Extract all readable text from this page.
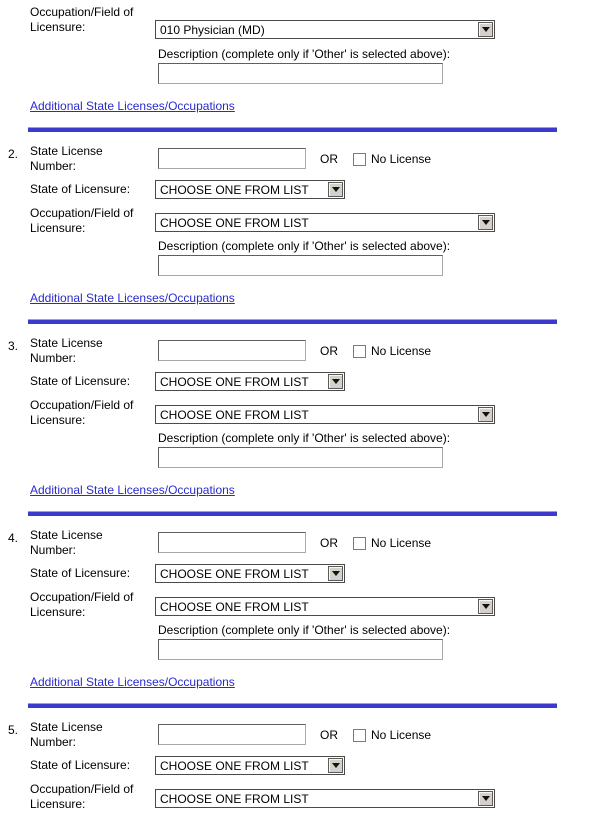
Occupation/Field of
Licensure:	010 Physician (MD)
Description (complete only if 'Other' is selected above):
Additional State Licenses/Occupations
2. State License
Number:	OR	No License
State of Licensure:	CHOOSE ONE FROM LIST
Occupation/Field of
Licensure:	CHOOSE ONE FROM LIST
Description (complete only if 'Other' is selected above):
Additional State Licenses/Occupations
3. State License
Number:	OR	No License
State of Licensure:	CHOOSE ONE FROM LIST
Occupation/Field of
Licensure:	CHOOSE ONE FROM LIST
Description (complete only if 'Other' is selected above):
Additional State Licenses/Occupations
4. State License
Number:	OR	No License
State of Licensure:	CHOOSE ONE FROM LIST
Occupation/Field of
Licensure:	CHOOSE ONE FROM LIST
Description (complete only if 'Other' is selected above):
Additional State Licenses/Occupations
5. State License
Number:	OR	No License
State of Licensure:	CHOOSE ONE FROM LIST
Occupation/Field of
Licensure:	CHOOSE ONE FROM LIST
